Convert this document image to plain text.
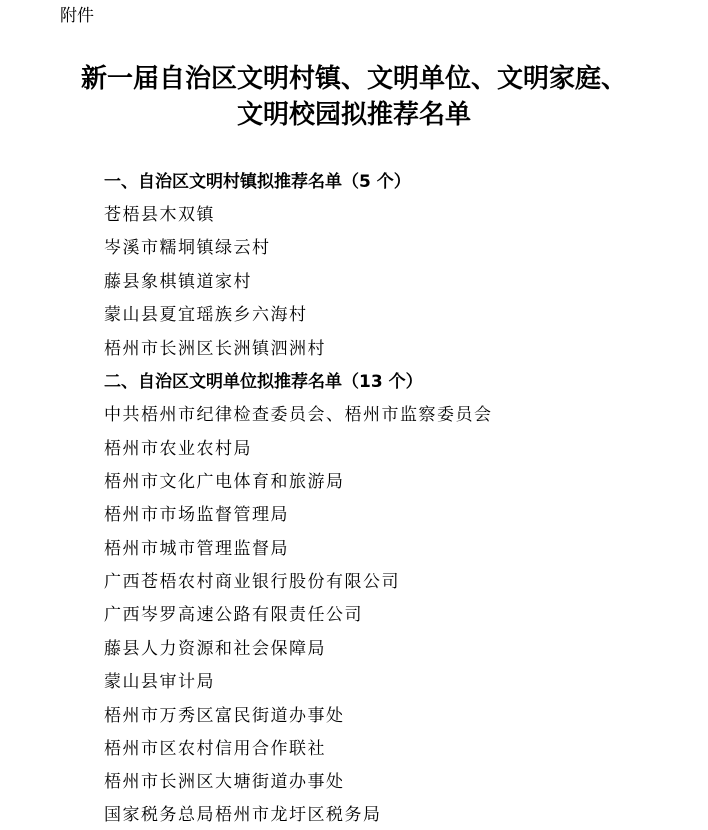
附件
新一届自治区文明村镇、文明单位、文明家庭、
文明校园拟推荐名单
一、自治区文明村镇拟推荐名单（5 个）
苍梧县木双镇
岑溪市糯垌镇绿云村
藤县象棋镇道家村
蒙山县夏宜瑶族乡六海村
梧州市长洲区长洲镇泗洲村
二、自治区文明单位拟推荐名单（13 个）
中共梧州市纪律检查委员会、梧州市监察委员会
梧州市农业农村局
梧州市文化广电体育和旅游局
梧州市市场监督管理局
梧州市城市管理监督局
广西苍梧农村商业银行股份有限公司
广西岑罗高速公路有限责任公司
藤县人力资源和社会保障局
蒙山县审计局
梧州市万秀区富民街道办事处
梧州市区农村信用合作联社
梧州市长洲区大塘街道办事处
国家税务总局梧州市龙圩区税务局
